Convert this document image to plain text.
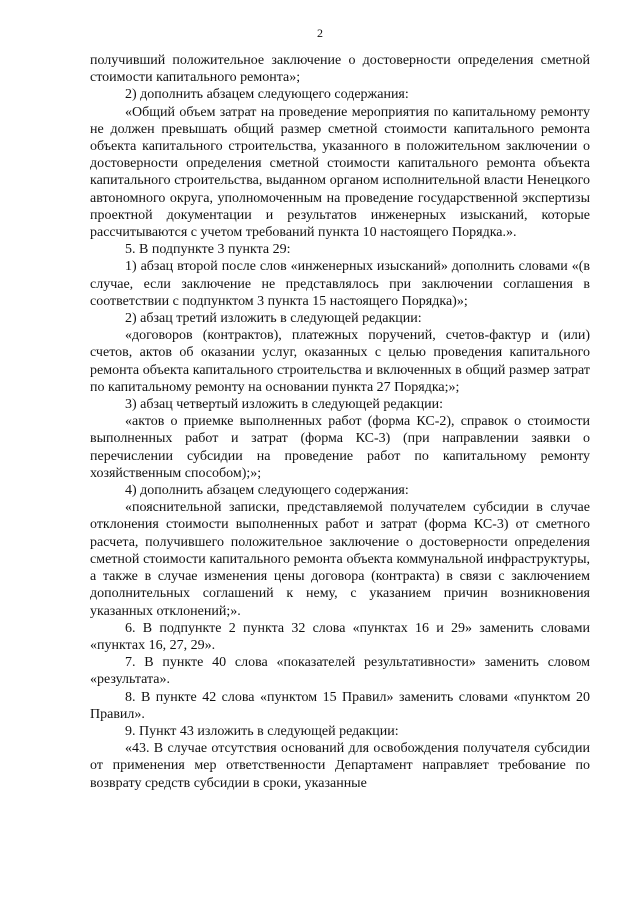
2

получивший положительное заключение о достоверности определения сметной стоимости капитального ремонта»;

2) дополнить абзацем следующего содержания:

«Общий объем затрат на проведение мероприятия по капитальному ремонту не должен превышать общий размер сметной стоимости капитального ремонта объекта капитального строительства, указанного в положительном заключении о достоверности определения сметной стоимости капитального ремонта объекта капитального строительства, выданном органом исполнительной власти Ненецкого автономного округа, уполномоченным на проведение государственной экспертизы проектной документации и результатов инженерных изысканий, которые рассчитываются с учетом требований пункта 10 настоящего Порядка.».

5. В подпункте 3 пункта 29:

1) абзац второй после слов «инженерных изысканий» дополнить словами «(в случае, если заключение не представлялось при заключении соглашения в соответствии с подпунктом 3 пункта 15 настоящего Порядка)»;

2) абзац третий изложить в следующей редакции:

«договоров (контрактов), платежных поручений, счетов-фактур и (или) счетов, актов об оказании услуг, оказанных с целью проведения капитального ремонта объекта капитального строительства и включенных в общий размер затрат по капитальному ремонту на основании пункта 27 Порядка;»;

3) абзац четвертый изложить в следующей редакции:

«актов о приемке выполненных работ (форма КС-2), справок о стоимости выполненных работ и затрат (форма КС-3) (при направлении заявки о перечислении субсидии на проведение работ по капитальному ремонту хозяйственным способом);»;

4) дополнить абзацем следующего содержания:

«пояснительной записки, представляемой получателем субсидии в случае отклонения стоимости выполненных работ и затрат (форма КС-3) от сметного расчета, получившего положительное заключение о достоверности определения сметной стоимости капитального ремонта объекта коммунальной инфраструктуры, а также в случае изменения цены договора (контракта) в связи с заключением дополнительных соглашений к нему, с указанием причин возникновения указанных отклонений;».

6. В подпункте 2 пункта 32 слова «пунктах 16 и 29» заменить словами «пунктах 16, 27, 29».

7. В пункте 40 слова «показателей результативности» заменить словом «результата».

8. В пункте 42 слова «пунктом 15 Правил» заменить словами «пунктом 20 Правил».

9. Пункт 43 изложить в следующей редакции:

«43. В случае отсутствия оснований для освобождения получателя субсидии от применения мер ответственности Департамент направляет требование по возврату средств субсидии в сроки, указанные
